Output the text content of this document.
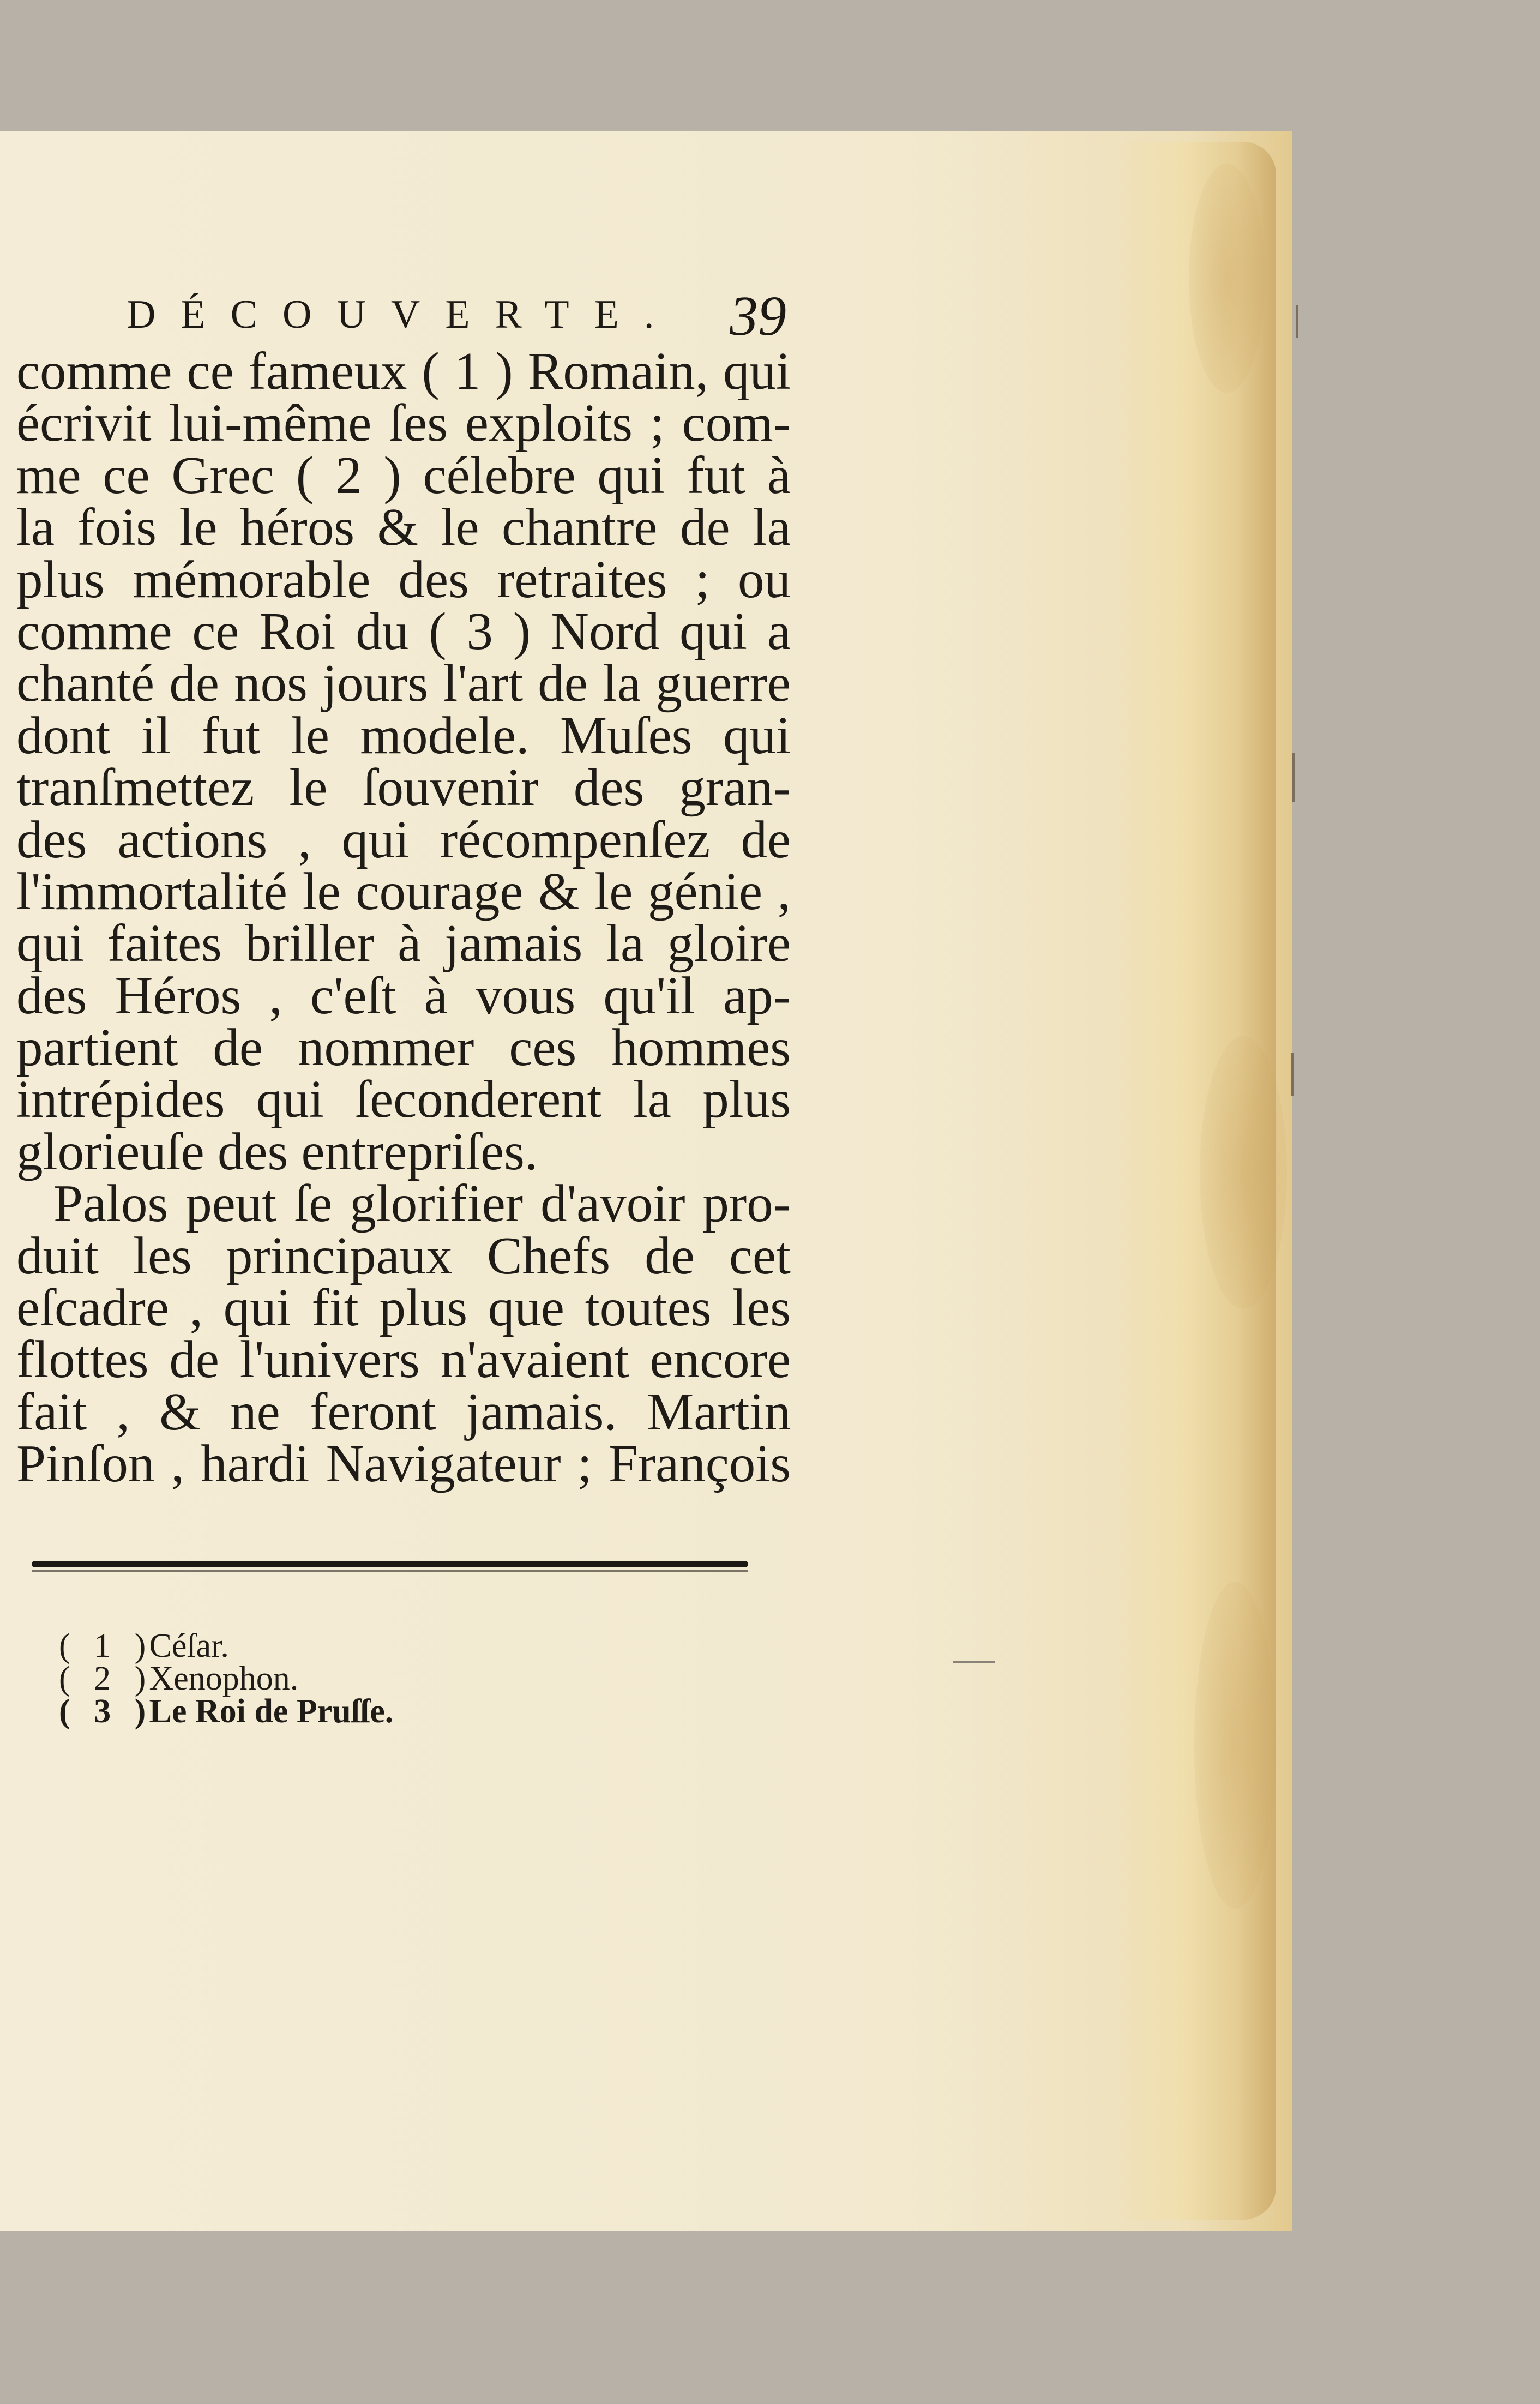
DÉCOUVERTE. 39
comme ce fameux ( 1 ) Romain, qui
écrivit lui-même ſes exploits ; com-
me ce Grec ( 2 ) célebre qui fut à
la fois le héros & le chantre de la
plus mémorable des retraites ; ou
comme ce Roi du ( 3 ) Nord qui a
chanté de nos jours l'art de la guerre
dont il fut le modele. Muſes qui
tranſmettez le ſouvenir des gran-
des actions , qui récompenſez de
l'immortalité le courage & le génie ,
qui faites briller à jamais la gloire
des Héros , c'eſt à vous qu'il ap-
partient de nommer ces hommes
intrépides qui ſeconderent la plus
glorieuſe des entrepriſes.
Palos peut ſe glorifier d'avoir pro-
duit les principaux Chefs de cet
eſcadre , qui fit plus que toutes les
flottes de l'univers n'avaient encore
fait , & ne feront jamais. Martin
Pinſon , hardi Navigateur ; François
( 1 ) Céſar.
( 2 ) Xenophon.
( 3 ) Le Roi de Pruſſe.
